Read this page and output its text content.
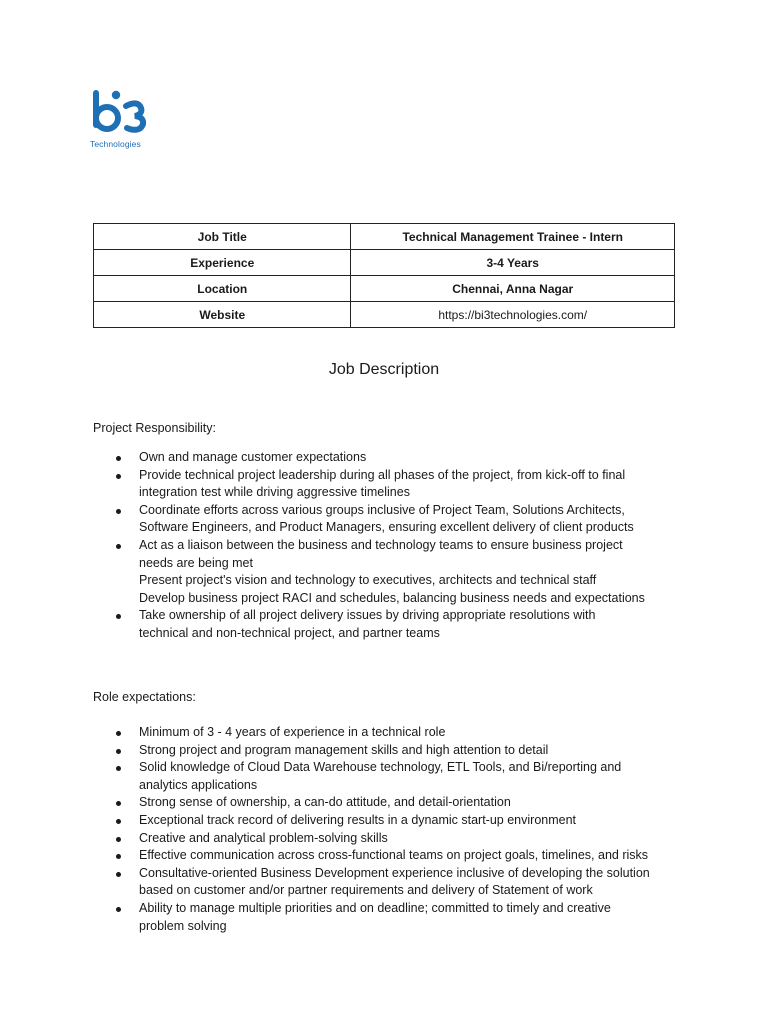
Technologies
Job Title	Technical Management Trainee - Intern
Experience	3-4 Years
Location	Chennai, Anna Nagar
Website	https://bi3technologies.com/
Job Description
Project Responsibility:
Own and manage customer expectations
Provide technical project leadership during all phases of the project, from kick-off to final
integration test while driving aggressive timelines
Coordinate efforts across various groups inclusive of Project Team, Solutions Architects,
Software Engineers, and Product Managers, ensuring excellent delivery of client products
Act as a liaison between the business and technology teams to ensure business project
needs are being met
Present project's vision and technology to executives, architects and technical staff
Develop business project RACI and schedules, balancing business needs and expectations
Take ownership of all project delivery issues by driving appropriate resolutions with
technical and non-technical project, and partner teams
Role expectations:
Minimum of 3 - 4 years of experience in a technical role
Strong project and program management skills and high attention to detail
Solid knowledge of Cloud Data Warehouse technology, ETL Tools, and Bi/reporting and
analytics applications
Strong sense of ownership, a can-do attitude, and detail-orientation
Exceptional track record of delivering results in a dynamic start-up environment
Creative and analytical problem-solving skills
Effective communication across cross-functional teams on project goals, timelines, and risks
Consultative-oriented Business Development experience inclusive of developing the solution
based on customer and/or partner requirements and delivery of Statement of work
Ability to manage multiple priorities and on deadline; committed to timely and creative
problem solving
